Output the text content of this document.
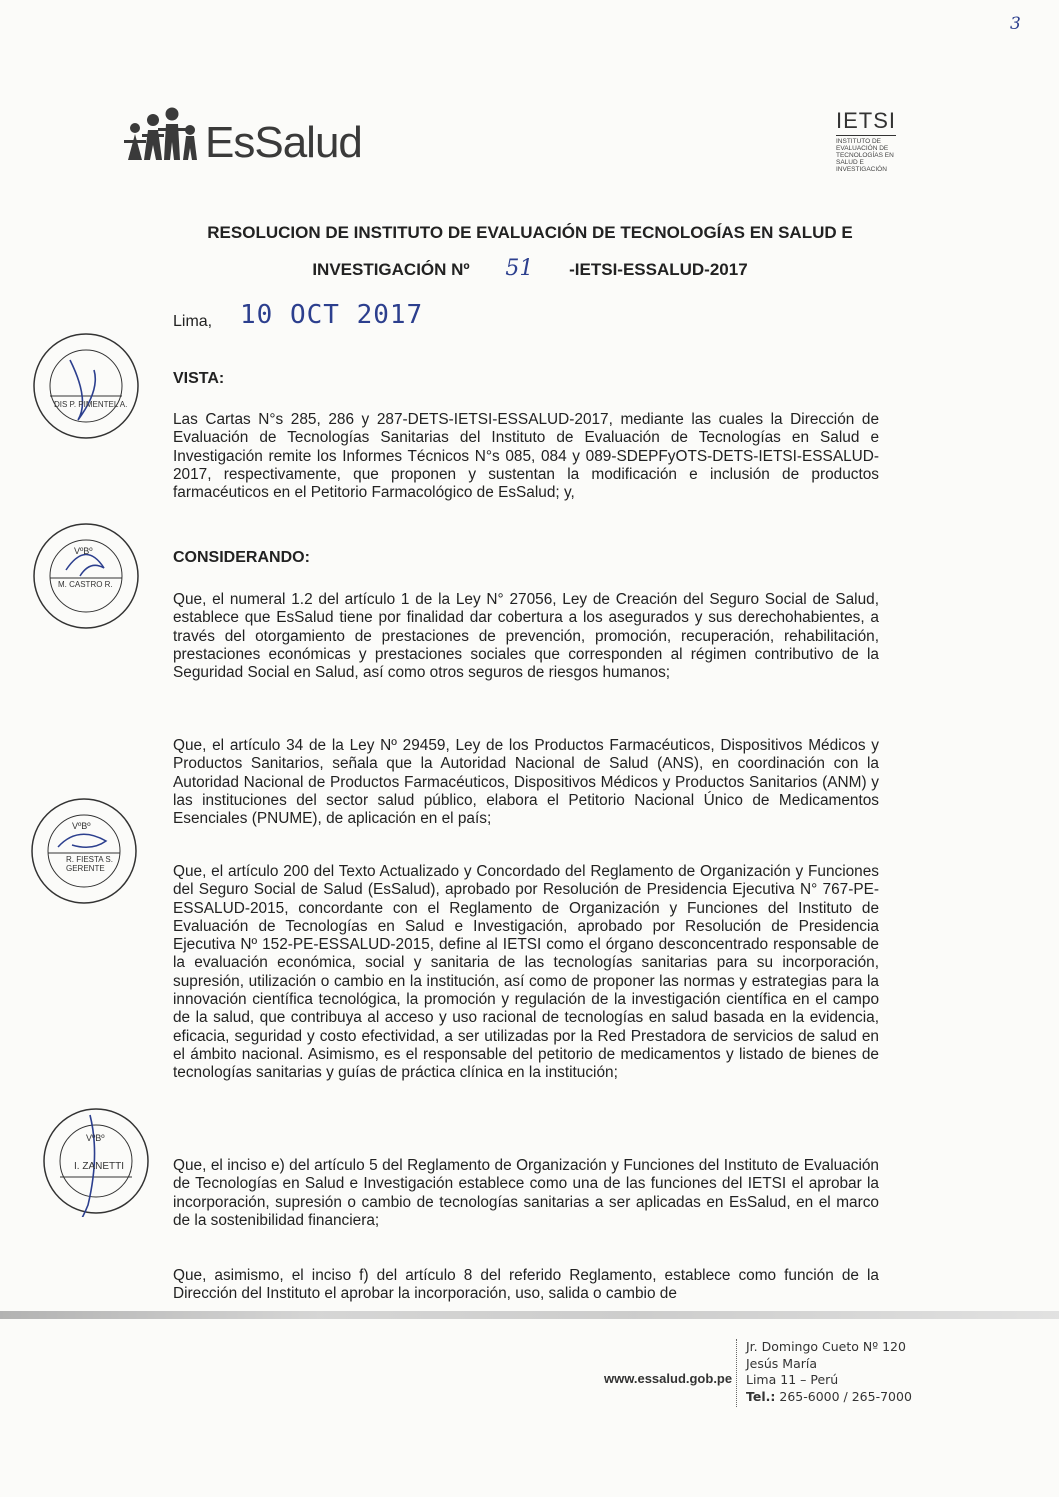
3
EsSalud	IETSI
INSTITUTO DE EVALUACIÓN DE TECNOLOGÍAS EN SALUD E INVESTIGACIÓN
RESOLUCION DE INSTITUTO DE EVALUACIÓN DE TECNOLOGÍAS EN SALUD E
INVESTIGACIÓN Nº 51 -IETSI-ESSALUD-2017
Lima, 10 OCT 2017
VISTA:

Las Cartas N°s 285, 286 y 287-DETS-IETSI-ESSALUD-2017, mediante las cuales la Dirección de Evaluación de Tecnologías Sanitarias del Instituto de Evaluación de Tecnologías en Salud e Investigación remite los Informes Técnicos N°s 085, 084 y 089-SDEPFyOTS-DETS-IETSI-ESSALUD-2017, respectivamente, que proponen y sustentan la modificación e inclusión de productos farmacéuticos en el Petitorio Farmacológico de EsSalud; y,

CONSIDERANDO:

Que, el numeral 1.2 del artículo 1 de la Ley N° 27056, Ley de Creación del Seguro Social de Salud, establece que EsSalud tiene por finalidad dar cobertura a los asegurados y sus derechohabientes, a través del otorgamiento de prestaciones de prevención, promoción, recuperación, rehabilitación, prestaciones económicas y prestaciones sociales que corresponden al régimen contributivo de la Seguridad Social en Salud, así como otros seguros de riesgos humanos;

Que, el artículo 34 de la Ley Nº 29459, Ley de los Productos Farmacéuticos, Dispositivos Médicos y Productos Sanitarios, señala que la Autoridad Nacional de Salud (ANS), en coordinación con la Autoridad Nacional de Productos Farmacéuticos, Dispositivos Médicos y Productos Sanitarios (ANM) y las instituciones del sector salud público, elabora el Petitorio Nacional Único de Medicamentos Esenciales (PNUME), de aplicación en el país;

Que, el artículo 200 del Texto Actualizado y Concordado del Reglamento de Organización y Funciones del Seguro Social de Salud (EsSalud), aprobado por Resolución de Presidencia Ejecutiva N° 767-PE-ESSALUD-2015, concordante con el Reglamento de Organización y Funciones del Instituto de Evaluación de Tecnologías en Salud e Investigación, aprobado por Resolución de Presidencia Ejecutiva Nº 152-PE-ESSALUD-2015, define al IETSI como el órgano desconcentrado responsable de la evaluación económica, social y sanitaria de las tecnologías sanitarias para su incorporación, supresión, utilización o cambio en la institución, así como de proponer las normas y estrategias para la innovación científica tecnológica, la promoción y regulación de la investigación científica en el campo de la salud, que contribuya al acceso y uso racional de tecnologías en salud basada en la evidencia, eficacia, seguridad y costo efectividad, a ser utilizadas por la Red Prestadora de servicios de salud en el ámbito nacional. Asimismo, es el responsable del petitorio de medicamentos y listado de bienes de tecnologías sanitarias y guías de práctica clínica en la institución;

Que, el inciso e) del artículo 5 del Reglamento de Organización y Funciones del Instituto de Evaluación de Tecnologías en Salud e Investigación establece como una de las funciones del IETSI el aprobar la incorporación, supresión o cambio de tecnologías sanitarias a ser aplicadas en EsSalud, en el marco de la sostenibilidad financiera;

Que, asimismo, el inciso f) del artículo 8 del referido Reglamento, establece como función de la Dirección del Instituto el aprobar la incorporación, uso, salida o cambio de

DIS P. PIMENTEL A.
VºBº
M. CASTRO R.
VºBº
R. FIESTA S. GERENTE
VºBº
I. ZANETTI
www.essalud.gob.pe
Jr. Domingo Cueto Nº 120
Jesús María
Lima 11 – Perú
Tel.: 265-6000 / 265-7000
